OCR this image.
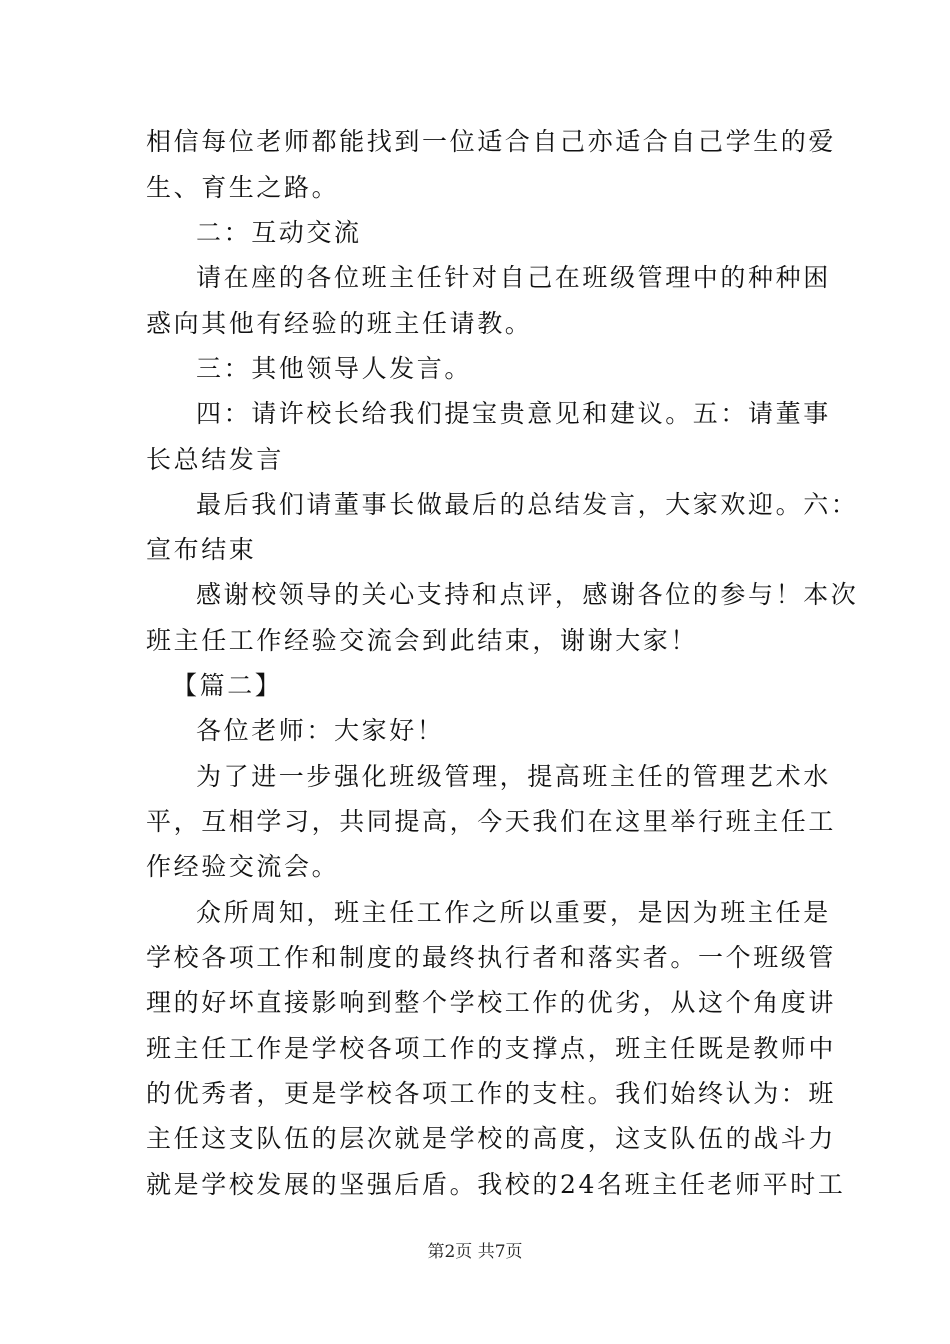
相信每位老师都能找到一位适合自己亦适合自己学生的爱
生、育生之路。
二：互动交流
请在座的各位班主任针对自己在班级管理中的种种困
惑向其他有经验的班主任请教。
三：其他领导人发言。
四：请许校长给我们提宝贵意见和建议。五：请董事
长总结发言
最后我们请董事长做最后的总结发言，大家欢迎。六：
宣布结束
感谢校领导的关心支持和点评，感谢各位的参与！本次
班主任工作经验交流会到此结束，谢谢大家！
【篇二】
各位老师：大家好！
为了进一步强化班级管理，提高班主任的管理艺术水
平，互相学习，共同提高，今天我们在这里举行班主任工
作经验交流会。
众所周知，班主任工作之所以重要，是因为班主任是
学校各项工作和制度的最终执行者和落实者。一个班级管
理的好坏直接影响到整个学校工作的优劣，从这个角度讲
班主任工作是学校各项工作的支撑点，班主任既是教师中
的优秀者，更是学校各项工作的支柱。我们始终认为：班
主任这支队伍的层次就是学校的高度，这支队伍的战斗力
就是学校发展的坚强后盾。我校的24名班主任老师平时工
第2页 共7页
